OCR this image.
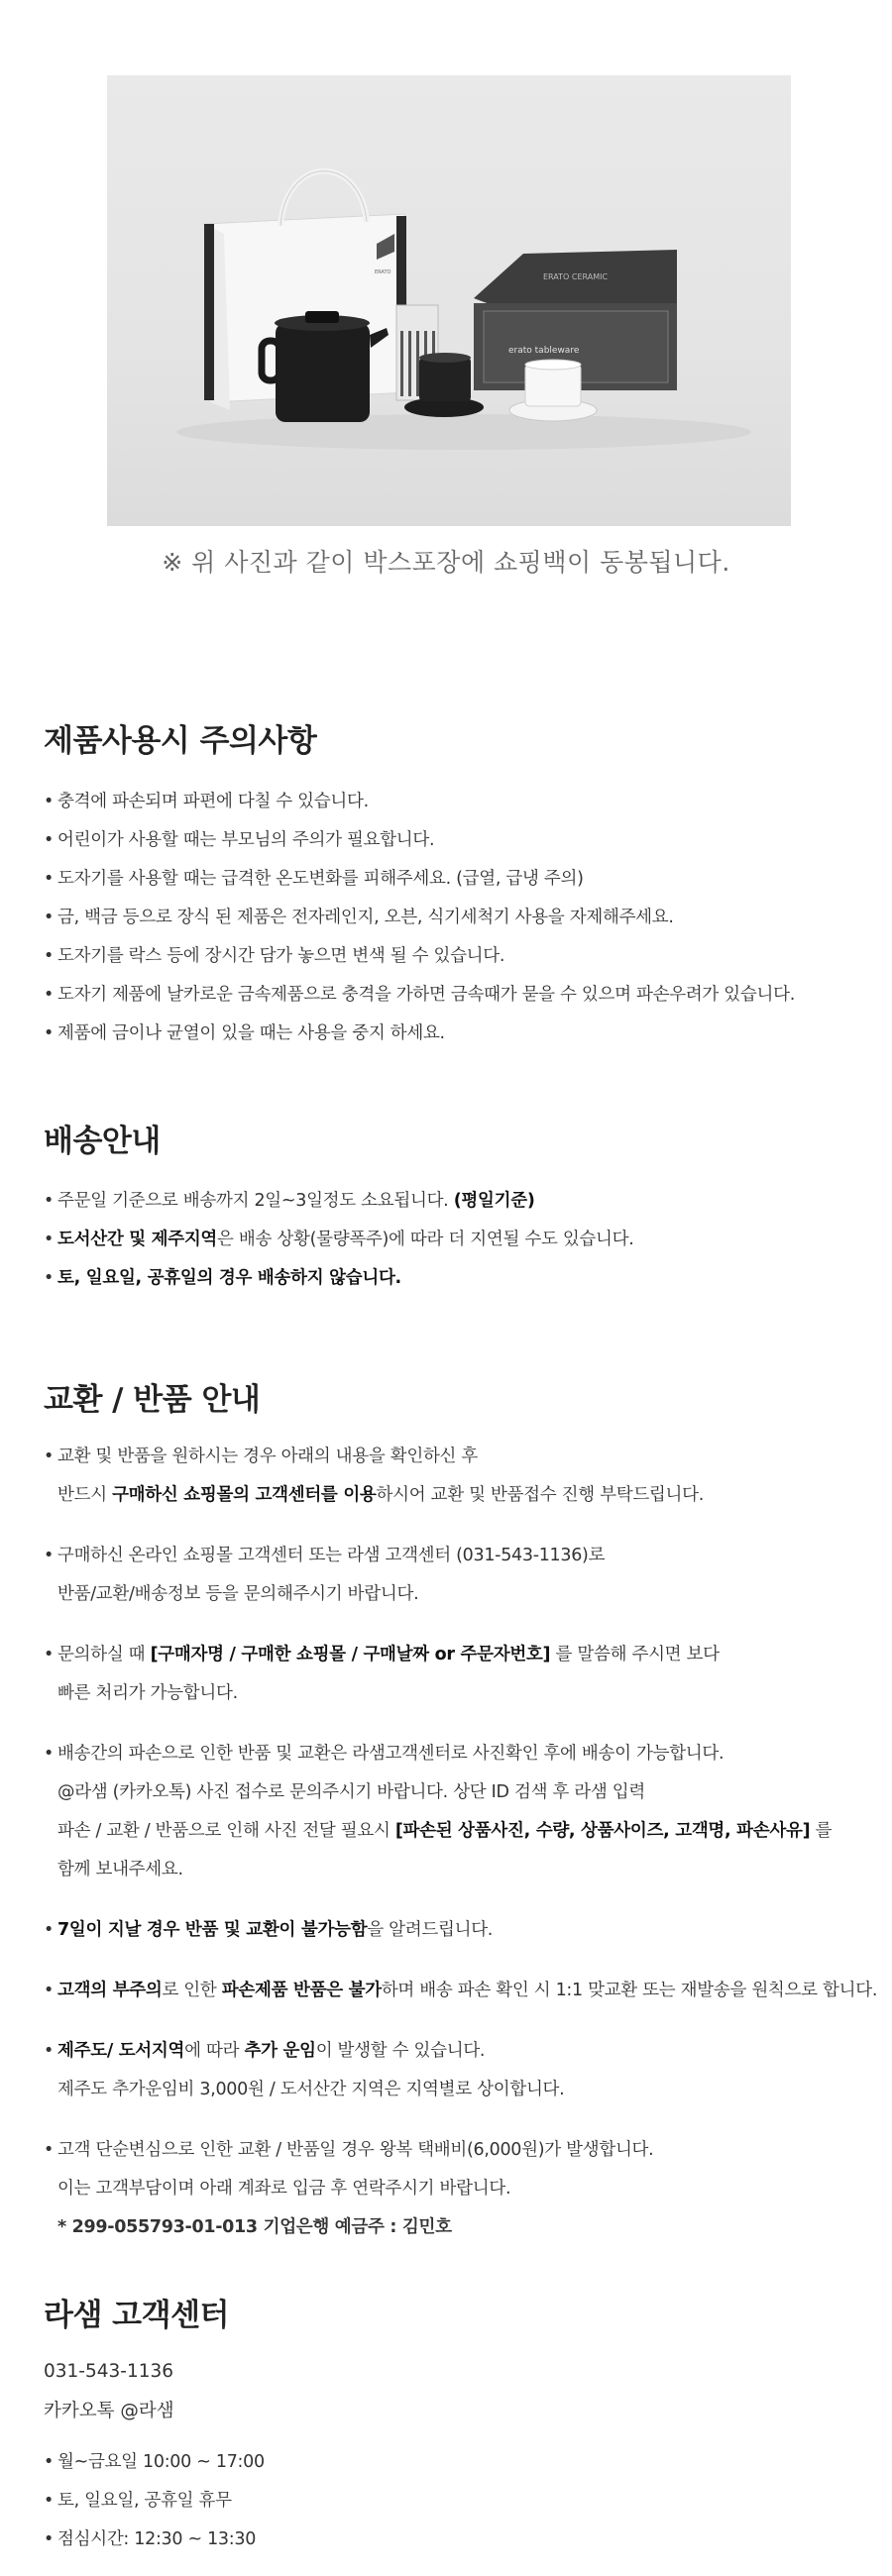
ERATO
erato tableware
ERATO CERAMIC
※ 위 사진과 같이 박스포장에 쇼핑백이 동봉됩니다.
제품사용시 주의사항
• 충격에 파손되며 파편에 다칠 수 있습니다.
• 어린이가 사용할 때는 부모님의 주의가 필요합니다.
• 도자기를 사용할 때는 급격한 온도변화를 피해주세요. (급열, 급냉 주의)
• 금, 백금 등으로 장식 된 제품은 전자레인지, 오븐, 식기세척기 사용을 자제해주세요.
• 도자기를 락스 등에 장시간 담가 놓으면 변색 될 수 있습니다.
• 도자기 제품에 날카로운 금속제품으로 충격을 가하면 금속때가 묻을 수 있으며 파손우려가 있습니다.
• 제품에 금이나 균열이 있을 때는 사용을 중지 하세요.
배송안내
• 주문일 기준으로 배송까지 2일~3일정도 소요됩니다. (평일기준)
• 도서산간 및 제주지역은 배송 상황(물량폭주)에 따라 더 지연될 수도 있습니다.
• 토, 일요일, 공휴일의 경우 배송하지 않습니다.
교환 / 반품 안내
• 교환 및 반품을 원하시는 경우 아래의 내용을 확인하신 후
반드시 구매하신 쇼핑몰의 고객센터를 이용하시어 교환 및 반품접수 진행 부탁드립니다.
• 구매하신 온라인 쇼핑몰 고객센터 또는 라샘 고객센터 (031-543-1136)로
반품/교환/배송정보 등을 문의해주시기 바랍니다.
• 문의하실 때 [구매자명 / 구매한 쇼핑몰 / 구매날짜 or 주문자번호] 를 말씀해 주시면 보다
빠른 처리가 가능합니다.
• 배송간의 파손으로 인한 반품 및 교환은 라샘고객센터로 사진확인 후에 배송이 가능합니다.
@라샘 (카카오톡) 사진 접수로 문의주시기 바랍니다. 상단 ID 검색 후 라샘 입력
파손 / 교환 / 반품으로 인해 사진 전달 필요시 [파손된 상품사진, 수량, 상품사이즈, 고객명, 파손사유] 를
함께 보내주세요.
• 7일이 지날 경우 반품 및 교환이 불가능함을 알려드립니다.
• 고객의 부주의로 인한 파손제품 반품은 불가하며 배송 파손 확인 시 1:1 맞교환 또는 재발송을 원칙으로 합니다.
• 제주도/ 도서지역에 따라 추가 운임이 발생할 수 있습니다.
제주도 추가운임비 3,000원 / 도서산간 지역은 지역별로 상이합니다.
• 고객 단순변심으로 인한 교환 / 반품일 경우 왕복 택배비(6,000원)가 발생합니다.
이는 고객부담이며 아래 계좌로 입금 후 연락주시기 바랍니다.
* 299-055793-01-013 기업은행 예금주 : 김민호
라샘 고객센터
031-543-1136
카카오톡 @라샘
• 월~금요일 10:00 ~ 17:00
• 토, 일요일, 공휴일 휴무
• 점심시간: 12:30 ~ 13:30
